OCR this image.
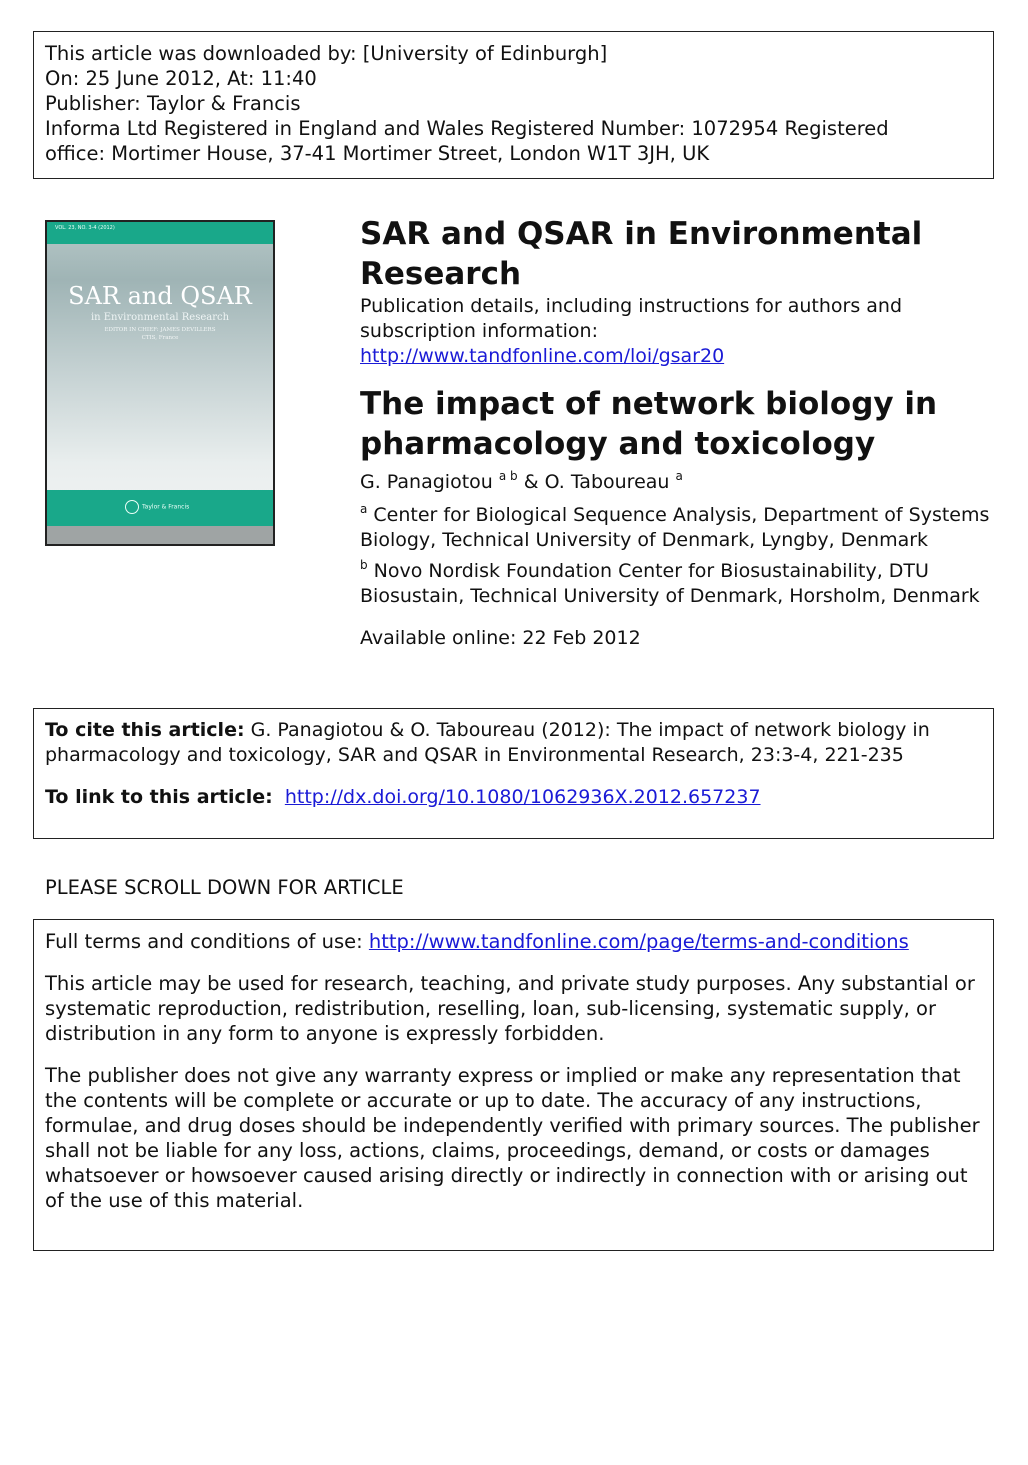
This article was downloaded by: [University of Edinburgh]
On: 25 June 2012, At: 11:40
Publisher: Taylor & Francis
Informa Ltd Registered in England and Wales Registered Number: 1072954 Registered
office: Mortimer House, 37-41 Mortimer Street, London W1T 3JH, UK
VOL. 23, NO. 3-4 (2012)
SAR and QSAR
in Environmental Research
EDITOR IN CHIEF: JAMES DEVILLERS
CTIS, France
Taylor & Francis
SAR and QSAR in Environmental Research
Publication details, including instructions for authors and subscription information:
http://www.tandfonline.com/loi/gsar20
The impact of network biology in pharmacology and toxicology
G. Panagiotou $^{a b}$ & O. Taboureau $^a$
$^a$ Center for Biological Sequence Analysis, Department of Systems Biology, Technical University of Denmark, Lyngby, Denmark
$^b$ Novo Nordisk Foundation Center for Biosustainability, DTU Biosustain, Technical University of Denmark, Horsholm, Denmark
Available online: 22 Feb 2012

To cite this article: G. Panagiotou & O. Taboureau (2012): The impact of network biology in pharmacology and toxicology, SAR and QSAR in Environmental Research, 23:3-4, 221-235

To link to this article: http://dx.doi.org/10.1080/1062936X.2012.657237

PLEASE SCROLL DOWN FOR ARTICLE

Full terms and conditions of use: http://www.tandfonline.com/page/terms-and-conditions

This article may be used for research, teaching, and private study purposes. Any substantial or systematic reproduction, redistribution, reselling, loan, sub-licensing, systematic supply, or distribution in any form to anyone is expressly forbidden.

The publisher does not give any warranty express or implied or make any representation that the contents will be complete or accurate or up to date. The accuracy of any instructions, formulae, and drug doses should be independently verified with primary sources. The publisher shall not be liable for any loss, actions, claims, proceedings, demand, or costs or damages whatsoever or howsoever caused arising directly or indirectly in connection with or arising out of the use of this material.
